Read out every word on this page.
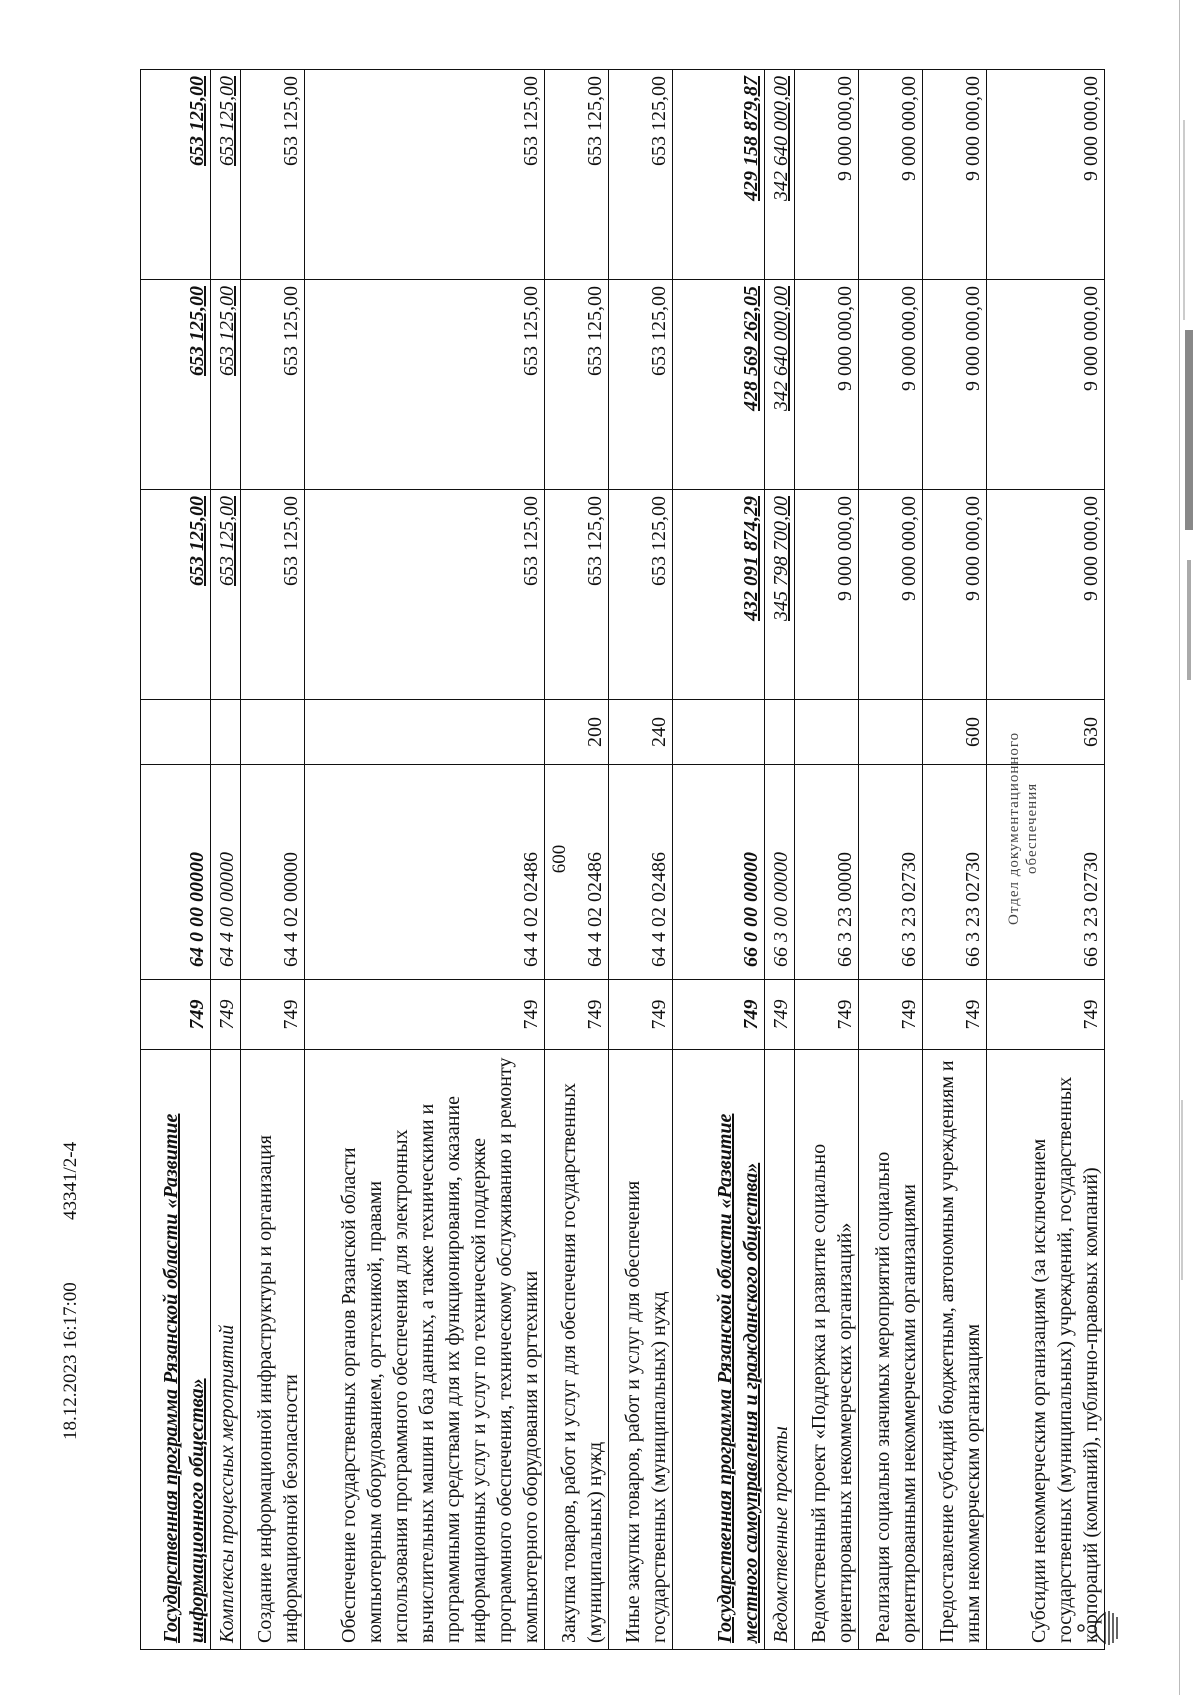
600
18.12.2023 16:17:00
43341/2-4
Отдел документационного обеспечения
Государственная программа Рязанской области «Развитие информационного общества»	749	64 0 00 00000		653 125,00	653 125,00	653 125,00
Комплексы процессных мероприятий	749	64 4 00 00000		653 125,00	653 125,00	653 125,00
Создание информационной инфраструктуры и организация информационной безопасности	749	64 4 02 00000		653 125,00	653 125,00	653 125,00
Обеспечение государственных органов Рязанской области компьютерным оборудованием, оргтехникой, правами использования программного обеспечения для электронных вычислительных машин и баз данных, а также техническими и программными средствами для их функционирования, оказание информационных услуг и услуг по технической поддержке программного обеспечения, техническому обслуживанию и ремонту компьютерного оборудования и оргтехники	749	64 4 02 02486		653 125,00	653 125,00	653 125,00
Закупка товаров, работ и услуг для обеспечения государственных (муниципальных) нужд	749	64 4 02 02486	200	653 125,00	653 125,00	653 125,00
Иные закупки товаров, работ и услуг для обеспечения государственных (муниципальных) нужд	749	64 4 02 02486	240	653 125,00	653 125,00	653 125,00
Государственная программа Рязанской области «Развитие местного самоуправления и гражданского общества»	749	66 0 00 00000		432 091 874,29	428 569 262,05	429 158 879,87
Ведомственные проекты	749	66 3 00 00000		345 798 700,00	342 640 000,00	342 640 000,00
Ведомственный проект «Поддержка и развитие социально ориентированных некоммерческих организаций»	749	66 3 23 00000		9 000 000,00	9 000 000,00	9 000 000,00
Реализация социально значимых мероприятий социально ориентированными некоммерческими организациями	749	66 3 23 02730		9 000 000,00	9 000 000,00	9 000 000,00
Предоставление субсидий бюджетным, автономным учреждениям и иным некоммерческим организациям	749	66 3 23 02730	600	9 000 000,00	9 000 000,00	9 000 000,00
Субсидии некоммерческим организациям (за исключением государственных (муниципальных) учреждений, государственных корпораций (компаний), публично-правовых компаний)	749	66 3 23 02730	630	9 000 000,00	9 000 000,00	9 000 000,00
